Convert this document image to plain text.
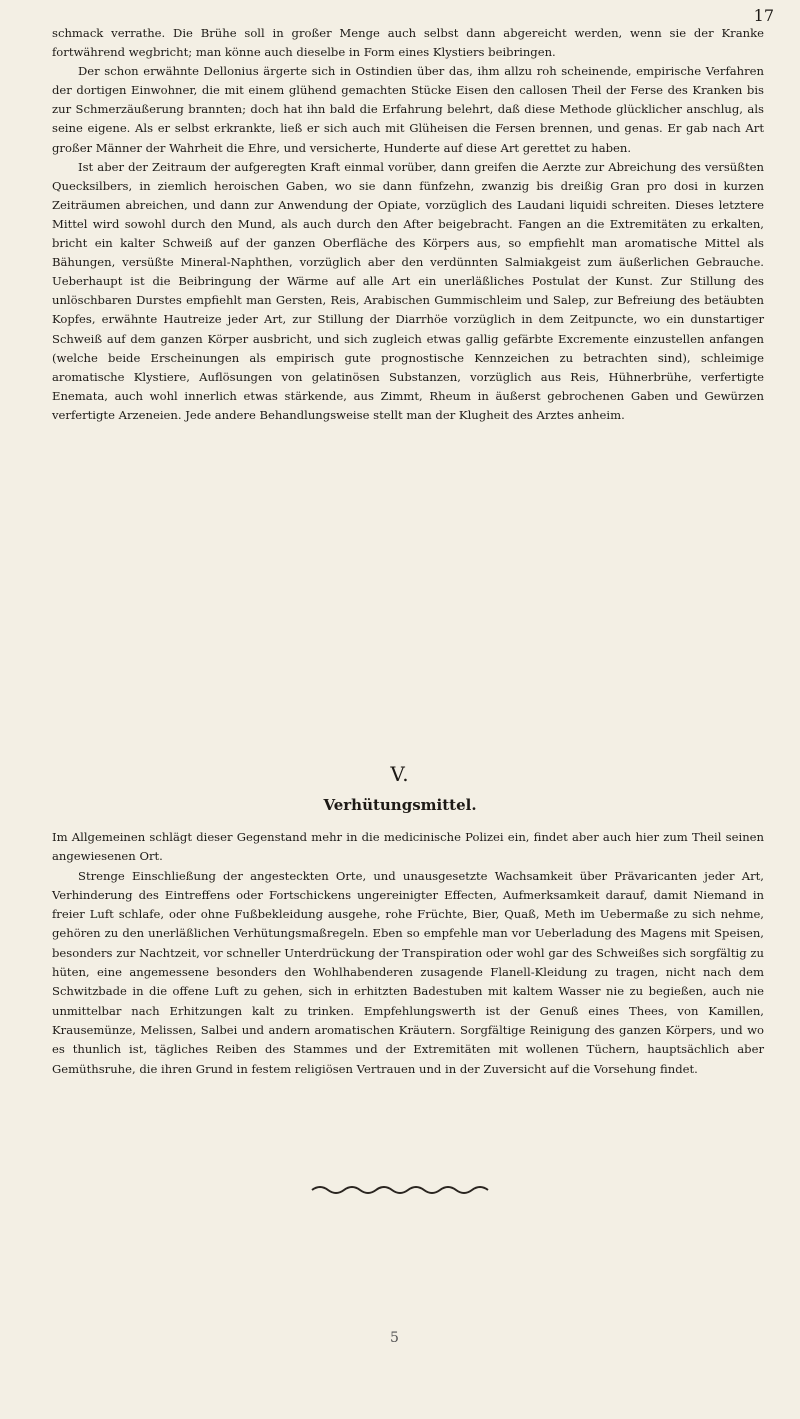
17

schmack verrathe. Die Brühe soll in großer Menge auch selbst dann abgereicht werden, wenn sie der Kranke fortwährend wegbricht; man könne auch dieselbe in Form eines Klystiers beibringen.

Der schon erwähnte Dellonius ärgerte sich in Ostindien über das, ihm allzu roh scheinende, empirische Verfahren der dortigen Einwohner, die mit einem glühend gemachten Stücke Eisen den callosen Theil der Ferse des Kranken bis zur Schmerzäußerung brannten; doch hat ihn bald die Erfahrung belehrt, daß diese Methode glücklicher anschlug, als seine eigene. Als er selbst erkrankte, ließ er sich auch mit Glüheisen die Fersen brennen, und genas. Er gab nach Art großer Männer der Wahrheit die Ehre, und versicherte, Hunderte auf diese Art gerettet zu haben.

Ist aber der Zeitraum der aufgeregten Kraft einmal vorüber, dann greifen die Aerzte zur Abreichung des versüßten Quecksilbers, in ziemlich heroischen Gaben, wo sie dann fünfzehn, zwanzig bis dreißig Gran pro dosi in kurzen Zeiträumen abreichen, und dann zur Anwendung der Opiate, vorzüglich des Laudani liquidi schreiten. Dieses letztere Mittel wird sowohl durch den Mund, als auch durch den After beigebracht. Fangen an die Extremitäten zu erkalten, bricht ein kalter Schweiß auf der ganzen Oberfläche des Körpers aus, so empfiehlt man aromatische Mittel als Bähungen, versüßte Mineral-Naphthen, vorzüglich aber den verdünnten Salmiakgeist zum äußerlichen Gebrauche. Ueberhaupt ist die Beibringung der Wärme auf alle Art ein unerläßliches Postulat der Kunst. Zur Stillung des unlöschbaren Durstes empfiehlt man Gersten, Reis, Arabischen Gummischleim und Salep, zur Befreiung des betäubten Kopfes, erwähnte Hautreize jeder Art, zur Stillung der Diarrhöe vorzüglich in dem Zeitpuncte, wo ein dunstartiger Schweiß auf dem ganzen Körper ausbricht, und sich zugleich etwas gallig gefärbte Excremente einzustellen anfangen (welche beide Erscheinungen als empirisch gute prognostische Kennzeichen zu betrachten sind), schleimige aromatische Klystiere, Auflösungen von gelatinösen Substanzen, vorzüglich aus Reis, Hühnerbrühe, verfertigte Enemata, auch wohl innerlich etwas stärkende, aus Zimmt, Rheum in äußerst gebrochenen Gaben und Gewürzen verfertigte Arzeneien. Jede andere Behandlungsweise stellt man der Klugheit des Arztes anheim.

V.
Verhütungsmittel.

Im Allgemeinen schlägt dieser Gegenstand mehr in die medicinische Polizei ein, findet aber auch hier zum Theil seinen angewiesenen Ort.

Strenge Einschließung der angesteckten Orte, und unausgesetzte Wachsamkeit über Prävaricanten jeder Art, Verhinderung des Eintreffens oder Fortschickens ungereinigter Effecten, Aufmerksamkeit darauf, damit Niemand in freier Luft schlafe, oder ohne Fußbekleidung ausgehe, rohe Früchte, Bier, Quaß, Meth im Uebermaße zu sich nehme, gehören zu den unerläßlichen Verhütungsmaßregeln. Eben so empfehle man vor Ueberladung des Magens mit Speisen, besonders zur Nachtzeit, vor schneller Unterdrückung der Transpiration oder wohl gar des Schweißes sich sorgfältig zu hüten, eine angemessene besonders den Wohlhabenderen zusagende Flanell-Kleidung zu tragen, nicht nach dem Schwitzbade in die offene Luft zu gehen, sich in erhitzten Badestuben mit kaltem Wasser nie zu begießen, auch nie unmittelbar nach Erhitzungen kalt zu trinken. Empfehlungswerth ist der Genuß eines Thees, von Kamillen, Krausemünze, Melissen, Salbei und andern aromatischen Kräutern. Sorgfältige Reinigung des ganzen Körpers, und wo es thunlich ist, tägliches Reiben des Stammes und der Extremitäten mit wollenen Tüchern, hauptsächlich aber Gemüthsruhe, die ihren Grund in festem religiösen Vertrauen und in der Zuversicht auf die Vorsehung findet.

5
